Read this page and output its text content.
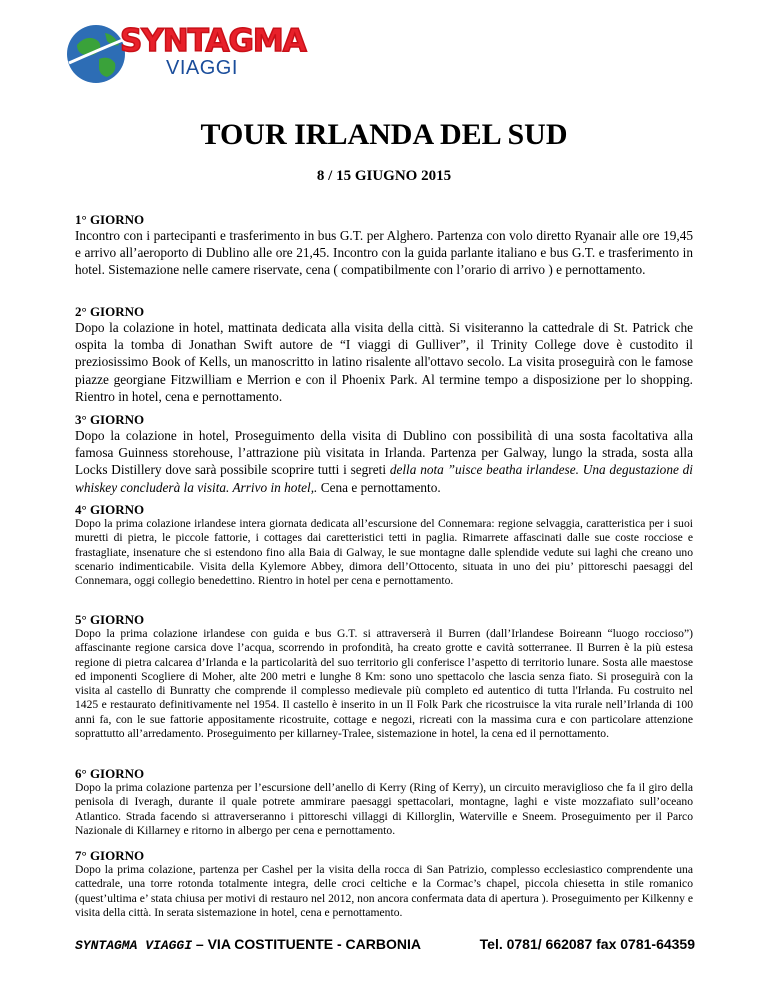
SYNTAGMA
VIAGGI
TOUR IRLANDA DEL SUD
8 / 15 GIUGNO 2015
1° GIORNO

Incontro con i partecipanti e trasferimento in bus G.T. per Alghero. Partenza con volo diretto Ryanair alle ore 19,45 e arrivo all’aeroporto di Dublino alle ore 21,45. Incontro con la guida parlante italiano e bus G.T. e trasferimento in hotel. Sistemazione nelle camere riservate, cena ( compatibilmente con l’orario di arrivo ) e pernottamento.

2° GIORNO

Dopo la colazione in hotel, mattinata dedicata alla visita della città. Si visiteranno la cattedrale di St. Patrick che ospita la tomba di Jonathan Swift autore de “I viaggi di Gulliver”, il Trinity College dove è custodito il preziosissimo Book of Kells, un manoscritto in latino risalente all'ottavo secolo. La visita proseguirà con le famose piazze georgiane Fitzwilliam e Merrion e con il Phoenix Park. Al termine tempo a disposizione per lo shopping. Rientro in hotel, cena e pernottamento.

3° GIORNO

Dopo la colazione in hotel, Proseguimento della visita di Dublino con possibilità di una sosta facoltativa alla famosa Guinness storehouse, l’attrazione più visitata in Irlanda. Partenza per Galway, lungo la strada, sosta alla Locks Distillery dove sarà possibile scoprire tutti i segreti della nota ”uisce beatha irlandese. Una degustazione di whiskey concluderà la visita. Arrivo in hotel,. Cena e pernottamento.

4° GIORNO

Dopo la prima colazione irlandese intera giornata dedicata all’escursione del Connemara: regione selvaggia, caratteristica per i suoi muretti di pietra, le piccole fattorie, i cottages dai caretteristici tetti in paglia. Rimarrete affascinati dalle sue coste rocciose e frastagliate, insenature che si estendono fino alla Baia di Galway, le sue montagne dalle splendide vedute sui laghi che creano uno scenario indimenticabile. Visita della Kylemore Abbey, dimora dell’Ottocento, situata in uno dei piu’ pittoreschi paesaggi del Connemara, oggi collegio benedettino. Rientro in hotel per cena e pernottamento.

5° GIORNO

Dopo la prima colazione irlandese con guida e bus G.T. si attraverserà il Burren (dall’Irlandese Boireann “luogo roccioso”) affascinante regione carsica dove l’acqua, scorrendo in profondità, ha creato grotte e cavità sotterranee. Il Burren è la più estesa regione di pietra calcarea d’Irlanda e la particolarità del suo territorio gli conferisce l’aspetto di territorio lunare. Sosta alle maestose ed imponenti Scogliere di Moher, alte 200 metri e lunghe 8 Km: sono uno spettacolo che lascia senza fiato. Si proseguirà con la visita al castello di Bunratty che comprende il complesso medievale più completo ed autentico di tutta l'Irlanda. Fu costruito nel 1425 e restaurato definitivamente nel 1954. Il castello è inserito in un Il Folk Park che ricostruisce la vita rurale nell’Irlanda di 100 anni fa, con le sue fattorie appositamente ricostruite, cottage e negozi, ricreati con la massima cura e con particolare attenzione soprattutto all’arredamento. Proseguimento per killarney-Tralee, sistemazione in hotel, la cena ed il pernottamento.

6° GIORNO

Dopo la prima colazione partenza per l’escursione dell’anello di Kerry (Ring of Kerry), un circuito meraviglioso che fa il giro della penisola di Iveragh, durante il quale potrete ammirare paesaggi spettacolari, montagne, laghi e viste mozzafiato sull’oceano Atlantico. Strada facendo si attraverseranno i pittoreschi villaggi di Killorglin, Waterville e Sneem. Proseguimento per il Parco Nazionale di Killarney e ritorno in albergo per cena e pernottamento.

7° GIORNO

Dopo la prima colazione, partenza per Cashel per la visita della rocca di San Patrizio, complesso ecclesiastico comprendente una cattedrale, una torre rotonda totalmente integra, delle croci celtiche e la Cormac’s chapel, piccola chiesetta in stile romanico (quest’ultima e’ stata chiusa per motivi di restauro nel 2012, non ancora confermata data di apertura ). Proseguimento per Kilkenny e visita della città. In serata sistemazione in hotel, cena e pernottamento.

SYNTAGMA VIAGGI – VIA COSTITUENTE - CARBONIA	Tel. 0781/ 662087 fax 0781-64359
